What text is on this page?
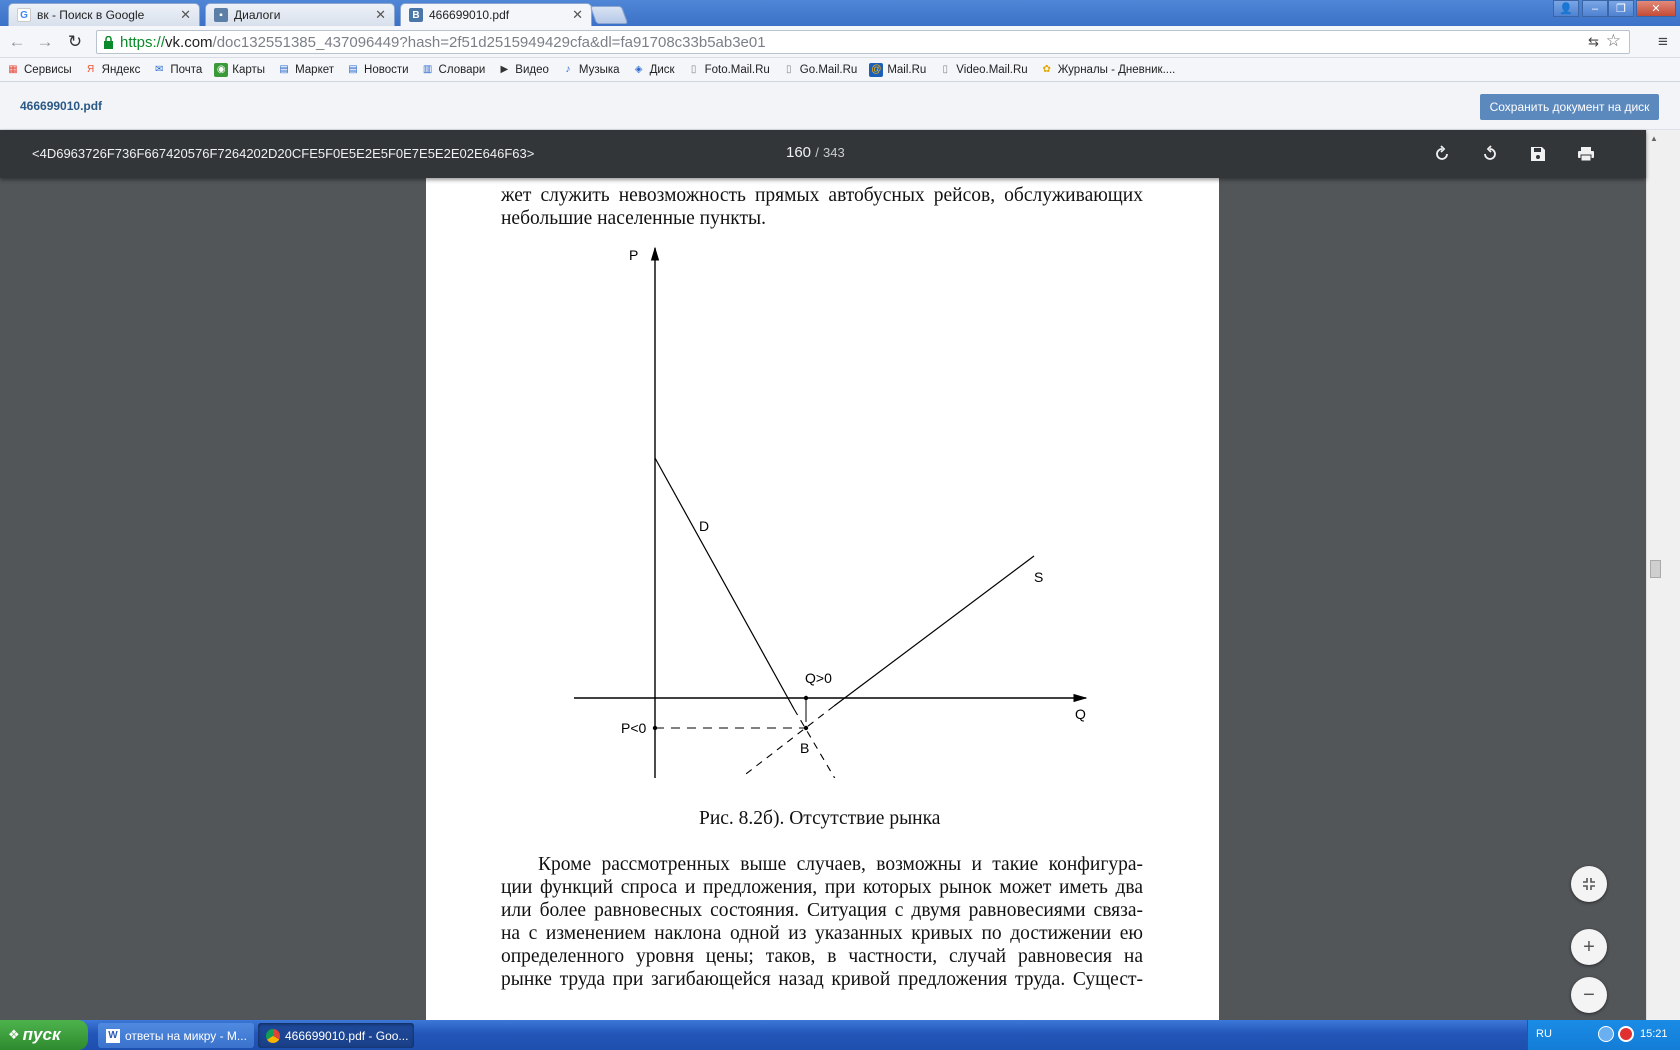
G вк - Поиск в Google	✕	▪ Диалоги	✕	В 466699010.pdf	✕	👤	‒	❐	✕
← → ↻	https:// vk.com /doc132551385_437096449?hash=2f51d2515949429cfa&dl=fa91708c33b5ab3e01	⇆ ☆	≡
▦ Сервисы	Я Яндекс ✉ Почта ◉ Карты ▤ Маркет ▤ Новости ▥ Словари	▶ Видео	♪ Музыка	◈ Диск	▯ Foto.Mail.Ru	▯ Go.Mail.Ru @ Mail.Ru	▯ Video.Mail.Ru ✿ Журналы - Дневник....
466699010.pdf	Сохранить документ на диск
<4D6963726F736F667420576F7264202D20CFE5F0E5E2E5F0E7E5E2E02E646F63>	160 / 343
жет служить невозможность прямых автобусных рейсов, обслуживающих
небольшие населенные пункты.
P
Q
D
S
P<0
Q>0
B
Рис. 8.2б). Отсутствие рынка
Кроме рассмотренных выше случаев, возможны и такие конфигура-
ции функций спроса и предложения, при которых рынок может иметь два
или более равновесных состояния. Ситуация с двумя равновесиями связа-
на с изменением наклона одной из указанных кривых по достижении ею
определенного уровня цены; таков, в частности, случай равновесия на
рынке труда при загибающейся назад кривой предложения труда. Сущест-
+
−
▲
❖ пуск	W ответы на микру - М...	466699010.pdf - Goo...	RU	15:21
